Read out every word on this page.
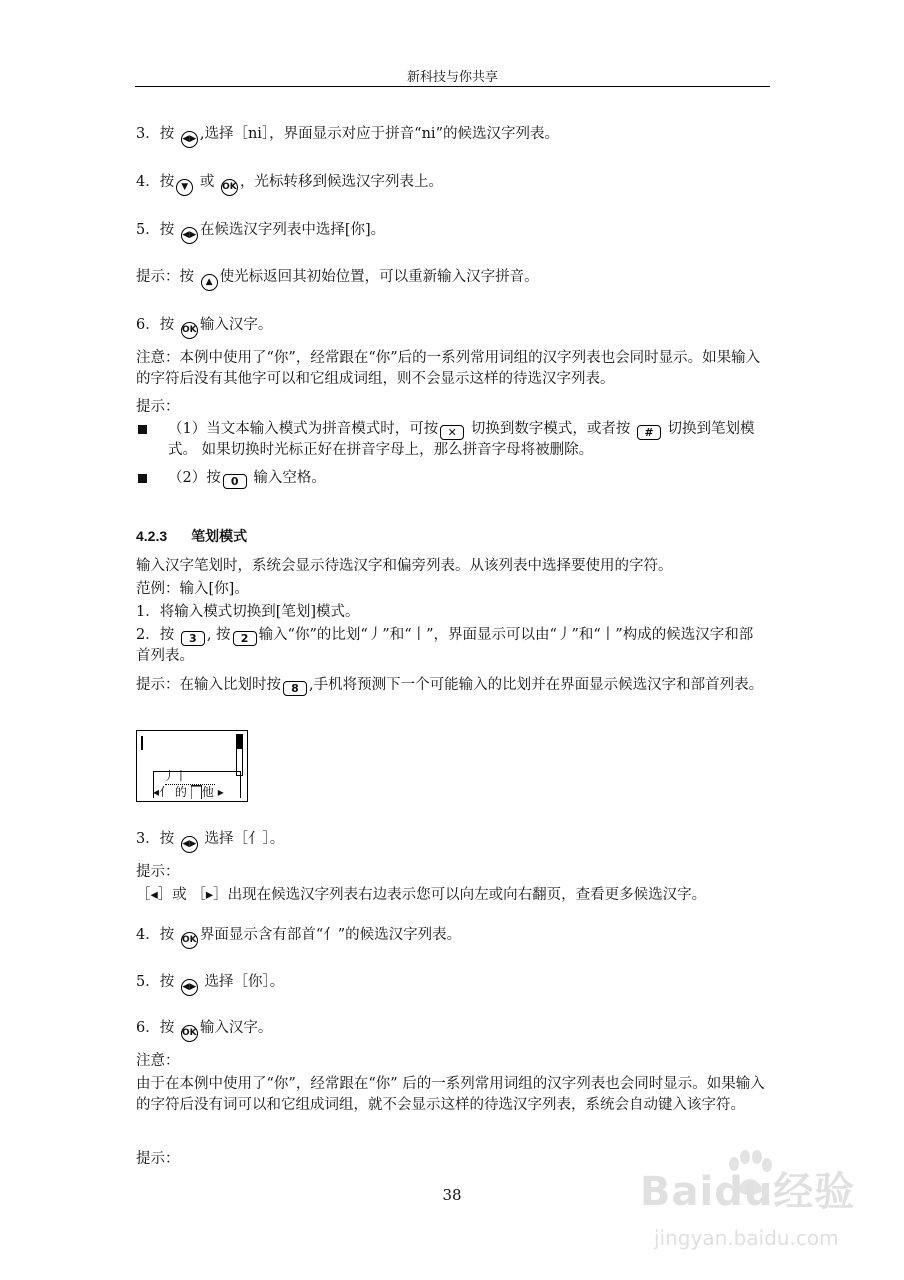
新科技与你共享
3．按 ◀▶ ,选择［ni］，界面显示对应于拼音“ni”的候选汉字列表。
4．按 ▼ 或 OK ，光标转移到候选汉字列表上。
5．按 ◀▶ 在候选汉字列表中选择[你]。
提示：按 ▲ 使光标返回其初始位置，可以重新输入汉字拼音。
6．按 OK 输入汉字。
注意：本例中使用了“你”，经常跟在“你”后的一系列常用词组的汉字列表也会同时显示。如果输入的字符后没有其他字可以和它组成词组，则不会显示这样的待选汉字列表。
提示：
（1）当文本输入模式为拼音模式时，可按 ✕ 切换到数字模式，或者按 # 切换到笔划模式。 如果切换时光标正好在拼音字母上，那么拼音字母将被删除。
（2）按 0 输入空格。
4.2.3 笔划模式
输入汉字笔划时，系统会显示待选汉字和偏旁列表。从该列表中选择要使用的字符。
范例：输入[你]。
1．将输入模式切换到[笔划]模式。
2．按 3 , 按 2 输入“你”的比划“丿”和“丨”，界面显示可以由“丿”和“丨”构成的候选汉字和部首列表。
提示：在输入比划时按 8 ,手机将预测下一个可能输入的比划并在界面显示候选汉字和部首列表。
丿丨
◂亻 的 ▇他 ▸
3．按 ◀▶ 选择［亻］。
提示：
［◂］或 ［▸］出现在候选汉字列表右边表示您可以向左或向右翻页，查看更多候选汉字。
4．按 OK 界面显示含有部首“亻”的候选汉字列表。
5．按 ◀▶ 选择［你］。
6．按 OK 输入汉字。
注意：
由于在本例中使用了“你”，经常跟在“你” 后的一系列常用词组的汉字列表也会同时显示。如果输入的字符后没有词可以和它组成词组，就不会显示这样的待选汉字列表，系统会自动键入该字符。
提示：
38	Baidu经验
jingyan.baidu.com
